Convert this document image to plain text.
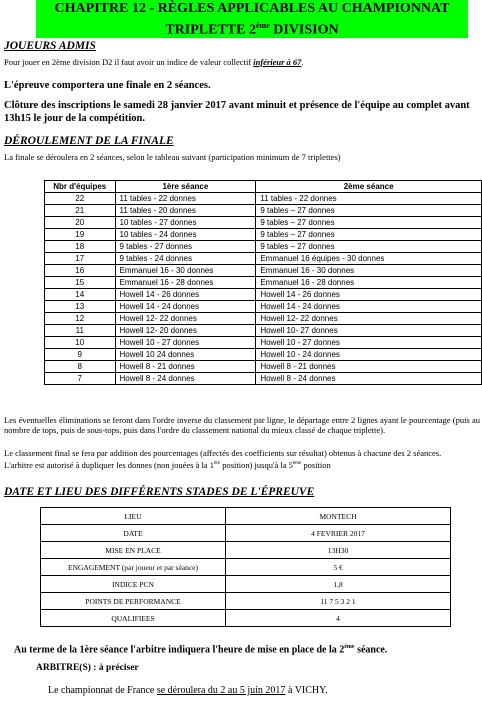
CHAPITRE 12 - RÈGLES APPLICABLES AU CHAMPIONNAT
TRIPLETTE 2ème DIVISION
JOUEURS ADMIS
Pour jouer en 2ème division D2 il faut avoir un indice de valeur collectif inférieur à 67.
L'épreuve comportera une finale en 2 séances.
Clôture des inscriptions le samedi 28 janvier 2017 avant minuit et présence de l'équipe au complet avant 13h15 le jour de la compétition.
DÉROULEMENT DE LA FINALE
La finale se déroulera en 2 séances, selon le tableau suivant (participation minimum de 7 triplettes)
Nbr d'équipes	1ère séance	2ème séance
22	11 tables - 22 donnes	11 tables - 22 donnes
21	11 tables - 20 donnes	9 tables – 27 donnes
20	10 tables - 27 donnes	9 tables – 27 donnes
19	10 tables - 24 donnes	9 tables – 27 donnes
18	9 tables - 27 donnes	9 tables – 27 donnes
17	9 tables - 24 donnes	Emmanuel 16 équipes - 30 donnes
16	Emmanuel 16 - 30 donnes	Emmanuel 16 - 30 donnes
15	Emmanuel 16 - 28 donnes	Emmanuel 16 - 28 donnes
14	Howell 14 - 26 donnes	Howell 14 - 26 donnes
13	Howell 14 - 24 donnes	Howell 14 - 24 donnes
12	Howell 12- 22 donnes	Howell 12- 22 donnes
11	Howell 12- 20 donnes	Howell 10- 27 donnes
10	Howell 10 - 27 donnes	Howell 10 - 27 donnes
9	Howell 10 24 donnes	Howell 10 - 24 donnes
8	Howell 8 - 21 donnes	Howell 8 - 21 donnes
7	Howell 8 - 24 donnes	Howell 8 - 24 donnes
Les éventuelles éliminations se feront dans l'ordre inverse du classement par ligne, le départage entre 2 lignes ayant le pourcentage (puis au nombre de tops, puis de sous-tops, puis dans l'ordre du classement national du mieux classé de chaque triplette).
Le classement final se fera par addition des pourcentages (affectés des coefficients sur résultat) obtenus à chacune des 2 séances.
L'arbitre est autorisé à dupliquer les donnes (non jouées à la 1ère position) jusqu'à la 5ème position
DATE ET LIEU DES DIFFÉRENTS STADES DE L'ÉPREUVE
LIEU	MONTECH
DATE	4 FEVRIER 2017
MISE EN PLACE	13H30
ENGAGEMENT (par joueur et par séance)	5 €
INDICE PCN	1,8
POINTS DE PERFORMANCE	11 7 5 3 2 1
QUALIFIEES	4
Au terme de la 1ère séance l'arbitre indiquera l'heure de mise en place de la 2ème séance.
ARBITRE(S) : à préciser
Le championnat de France se déroulera du 2 au 5 juin 2017 à VICHY.
